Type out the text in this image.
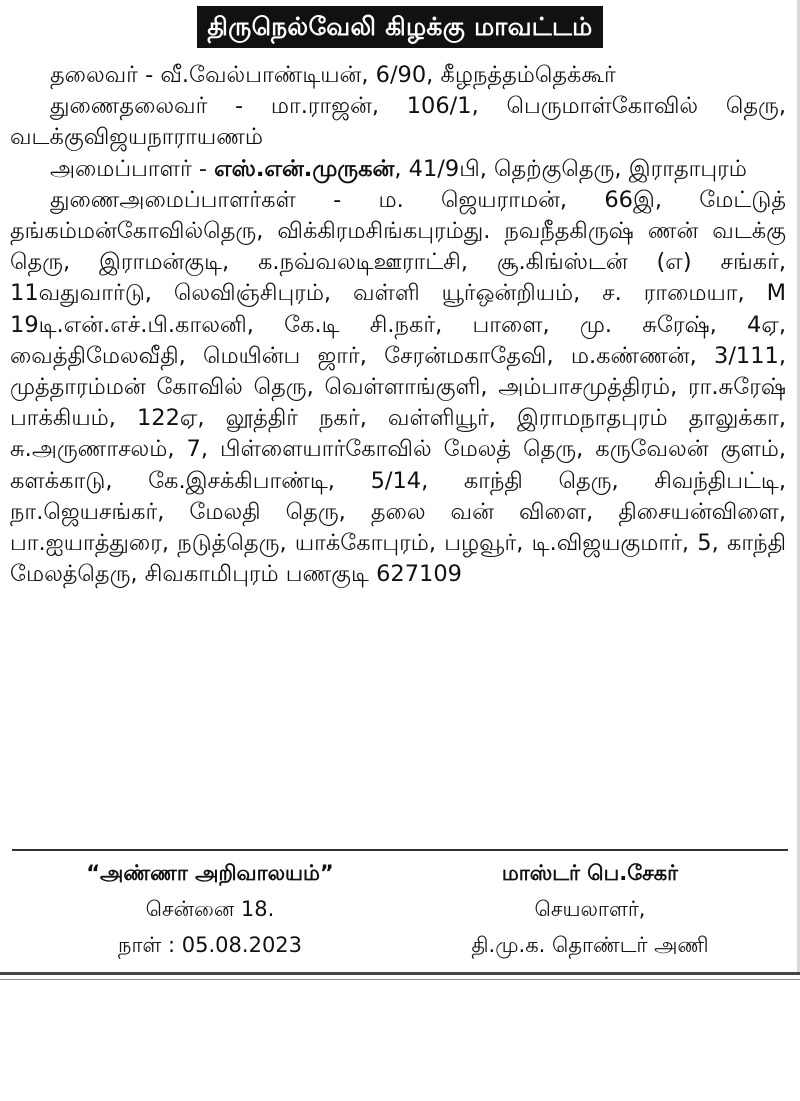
திருநெல்வேலி கிழக்கு மாவட்டம்

தலைவர் - வீ.வேல்பாண்டியன், 6/90, கீழநத்தம்தெக்கூர்

துணைதலைவர் - மா.ராஜன், 106/1, பெருமாள்கோவில் தெரு, வடக்குவிஜயநாராயணம்

அமைப்பாளர் - எஸ்.என்.முருகன், 41/9பி, தெற்குதெரு, இராதாபுரம்

துணைஅமைப்பாளர்கள் - ம. ஜெயராமன், 66இ, மேட்டுத் தங்கம்மன்கோவில்தெரு, விக்கிரமசிங்கபுரம்து. நவநீதகிருஷ் ணன் வடக்கு தெரு, இராமன்குடி, க.நவ்வலடிஊராட்சி, சூ.கிங்ஸ்டன் (எ) சங்கர், 11வதுவார்டு, லெவிஞ்சிபுரம், வள்ளி யூர்ஒன்றியம், ச. ராமையா, M 19டி.என்.எச்.பி.காலனி, கே.டி சி.நகர், பாளை, மு. சுரேஷ், 4ஏ, வைத்திமேலவீதி, மெயின்ப ஜார், சேரன்மகாதேவி, ம.கண்ணன், 3/111, முத்தாரம்மன் கோவில் தெரு, வெள்ளாங்குளி, அம்பாசமுத்திரம், ரா.சுரேஷ் பாக்கியம், 122ஏ, லூத்திர் நகர், வள்ளியூர், இராமநாதபுரம் தாலுக்கா, சு.அருணாசலம், 7, பிள்ளையார்கோவில் மேலத் தெரு, கருவேலன் குளம், களக்காடு, கே.இசக்கிபாண்டி, 5/14, காந்தி தெரு, சிவந்திபட்டி, நா.ஜெயசங்கர், மேலதி தெரு, தலை வன் விளை, திசையன்விளை, பா.ஐயாத்துரை, நடுத்தெரு, யாக்கோபுரம், பழவூர், டி.விஜயகுமார், 5, காந்தி மேலத்தெரு, சிவகாமிபுரம் பணகுடி 627109

“அண்ணா அறிவாலயம்”
சென்னை 18.
நாள் : 05.08.2023
மாஸ்டர் பெ.சேகர்
செயலாளர்,
தி.மு.க. தொண்டர் அணி
